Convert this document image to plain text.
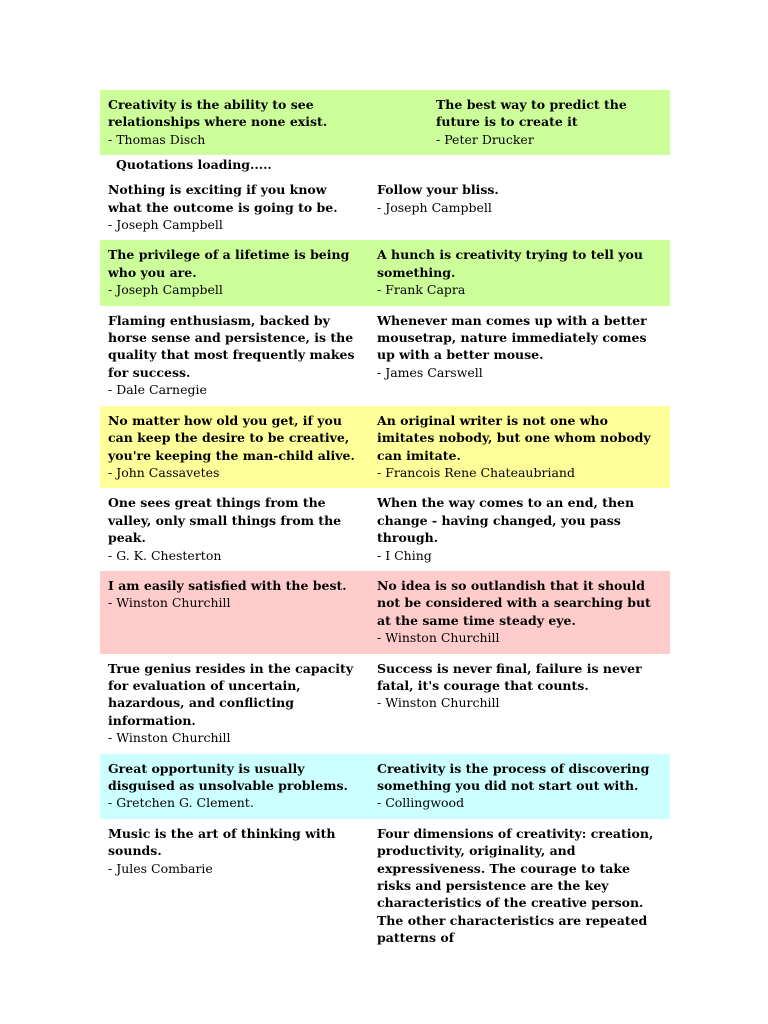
Creativity is the ability to see relationships where none exist.
- Thomas Disch
The best way to predict the future is to create it
- Peter Drucker
Quotations loading.....
Nothing is exciting if you know what the outcome is going to be.
- Joseph Campbell
Follow your bliss.
- Joseph Campbell
The privilege of a lifetime is being who you are.
- Joseph Campbell
A hunch is creativity trying to tell you something.
- Frank Capra
Flaming enthusiasm, backed by horse sense and persistence, is the quality that most frequently makes for success.
- Dale Carnegie
Whenever man comes up with a better mousetrap, nature immediately comes up with a better mouse.
- James Carswell
No matter how old you get, if you can keep the desire to be creative, you're keeping the man-child alive.
- John Cassavetes
An original writer is not one who imitates nobody, but one whom nobody can imitate.
- Francois Rene Chateaubriand
One sees great things from the valley, only small things from the peak.
- G. K. Chesterton
When the way comes to an end, then change - having changed, you pass through.
- I Ching
I am easily satisfied with the best.
- Winston Churchill
No idea is so outlandish that it should not be considered with a searching but at the same time steady eye.
- Winston Churchill
True genius resides in the capacity for evaluation of uncertain, hazardous, and conflicting information.
- Winston Churchill
Success is never final, failure is never fatal, it's courage that counts.
- Winston Churchill
Great opportunity is usually disguised as unsolvable problems.
- Gretchen G. Clement.
Creativity is the process of discovering something you did not start out with.
- Collingwood
Music is the art of thinking with sounds.
- Jules Combarie
Four dimensions of creativity: creation, productivity, originality, and expressiveness. The courage to take risks and persistence are the key characteristics of the creative person. The other characteristics are repeated patterns of
